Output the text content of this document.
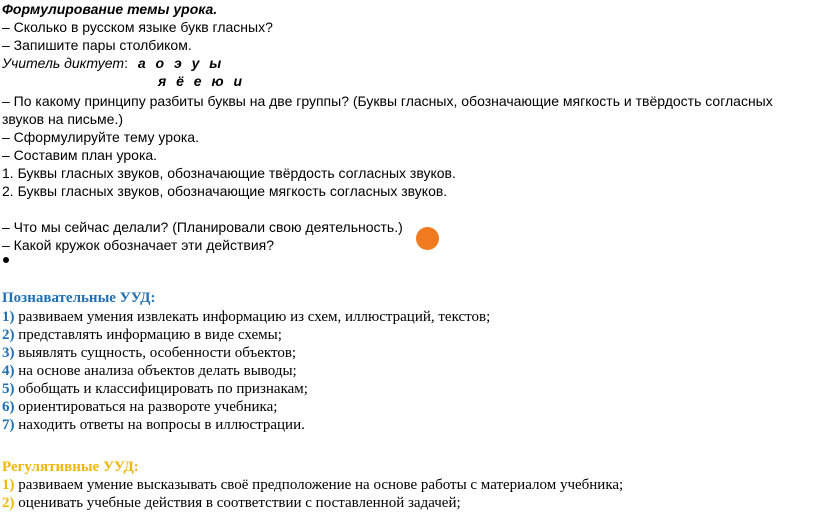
Формулирование темы урока.
– Сколько в русском языке букв гласных?
– Запишите пары столбиком.
Учитель диктует: а о э у ы
я ё е ю и
– По какому принципу разбиты буквы на две группы? (Буквы гласных, обозначающие мягкость и твёрдость согласных
звуков на письме.)
– Сформулируйте тему урока.
– Составим план урока.
1. Буквы гласных звуков, обозначающие твёрдость согласных звуков.
2. Буквы гласных звуков, обозначающие мягкость согласных звуков.
– Что мы сейчас делали? (Планировали свою деятельность.)
– Какой кружок обозначает эти действия?
Познавательные УУД:
1) развиваем умения извлекать информацию из схем, иллюстраций, текстов;
2) представлять информацию в виде схемы;
3) выявлять сущность, особенности объектов;
4) на основе анализа объектов делать выводы;
5) обобщать и классифицировать по признакам;
6) ориентироваться на развороте учебника;
7) находить ответы на вопросы в иллюстрации.
Регулятивные УУД:
1) развиваем умение высказывать своё предположение на основе работы с материалом учебника;
2) оценивать учебные действия в соответствии с поставленной задачей;
